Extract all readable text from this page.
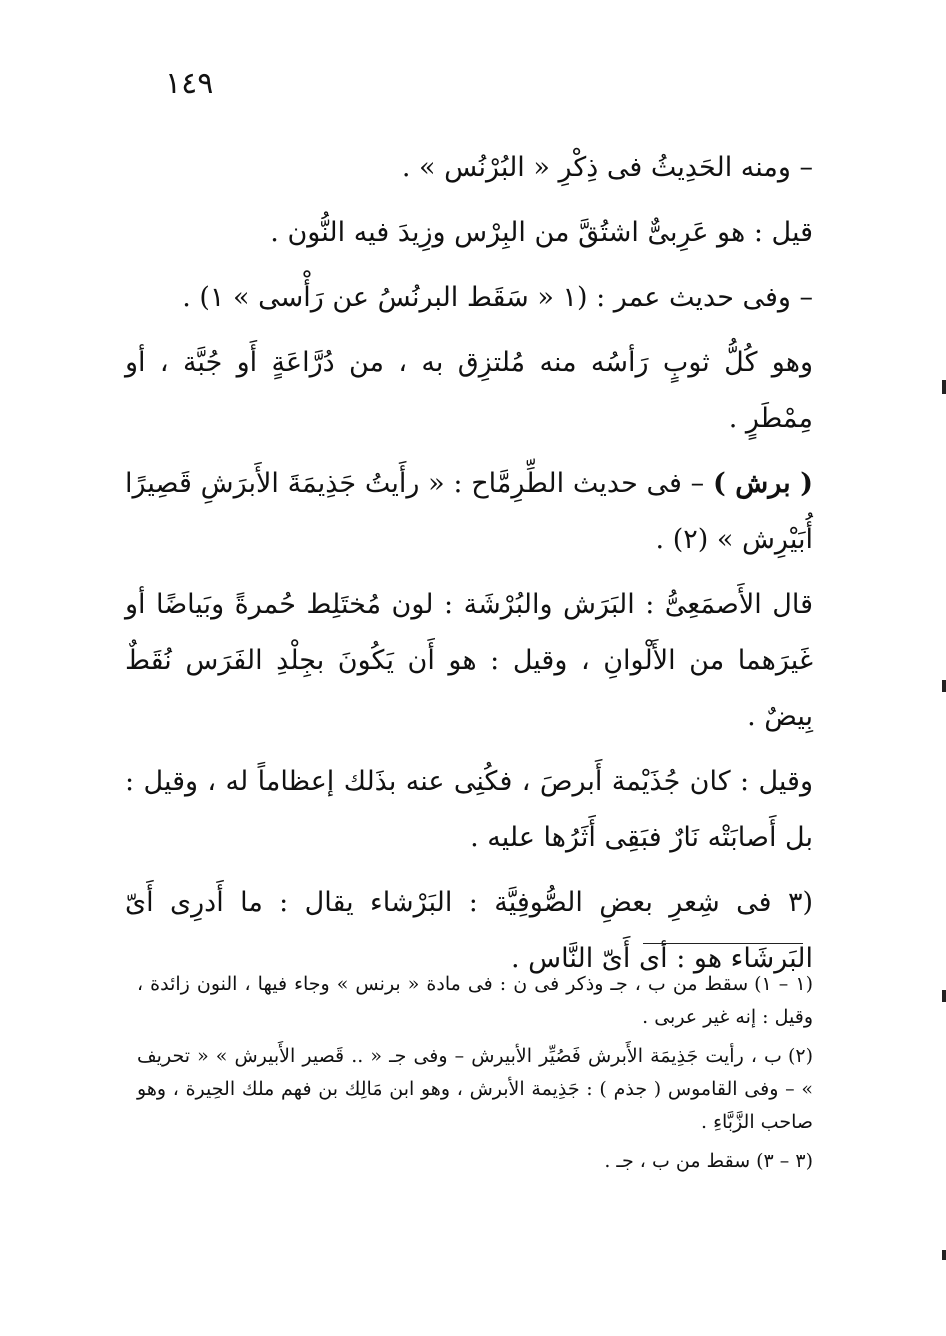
١٤٩

– ومنه الحَدِيثُ فى ذِكْرِ « البُرْنُس » .

قيل : هو عَرِبىٌّ اشتُقَّ من البِرْس وزِيدَ فيه النُّون .

– وفى حديث عمر : (١ « سَقَط البرنُسُ عن رَأْسى » ١) .

وهو كُلُّ ثوبٍ رَأسُه منه مُلتزِق به ، من دُرَّاعَةٍ أَو جُبَّة ، أو مِمْطَرٍ .

( برش ) – فى حديث الطِّرِمَّاح : « رأَيتُ جَذِيمَةَ الأَبرَشِ قَصِيرًا أُبَيْرِش » (٢) .

قال الأَصمَعِىُّ : البَرَش والبُرْشَة : لون مُختَلِط حُمرةً وبَياضًا أو غَيرَهما من الأَلْوانِ ، وقيل : هو أَن يَكُونَ بجِلْدِ الفَرَس نُقَطٌ بِيضٌ .

وقيل : كان جُذَيْمة أَبرصَ ، فكُنِى عنه بذَلك إعظاماً له ، وقيل : بل أَصابَتْه نَارٌ فبَقِى أَثَرُها عليه .

(٣ فى شِعرِ بعضِ الصُّوفِيَّة : البَرْشاء يقال : ما أَدرِى أَىّ البَرشَاء هو : أى أَىّ النَّاس .

(١ – ١)سقط من ب ، جـ وذكر فى ن : فى مادة « برنس » وجاء فيها ، النون زائدة ، وقيل : إنه غير عربى .

(٢)ب ، رأيت جَذِيمَة الأَبرش فَصُيِّر الأبيرش – وفى جـ « .. قَصير الأَبيرش » « تحريف » – وفى القاموس ( جذم ) : جَذِيمة الأبرش ، وهو ابن مَالِك بن فهم ملك الحِيرة ، وهو صاحب الزَّبَّاءِ .

(٣ – ٣)سقط من ب ، جـ .
